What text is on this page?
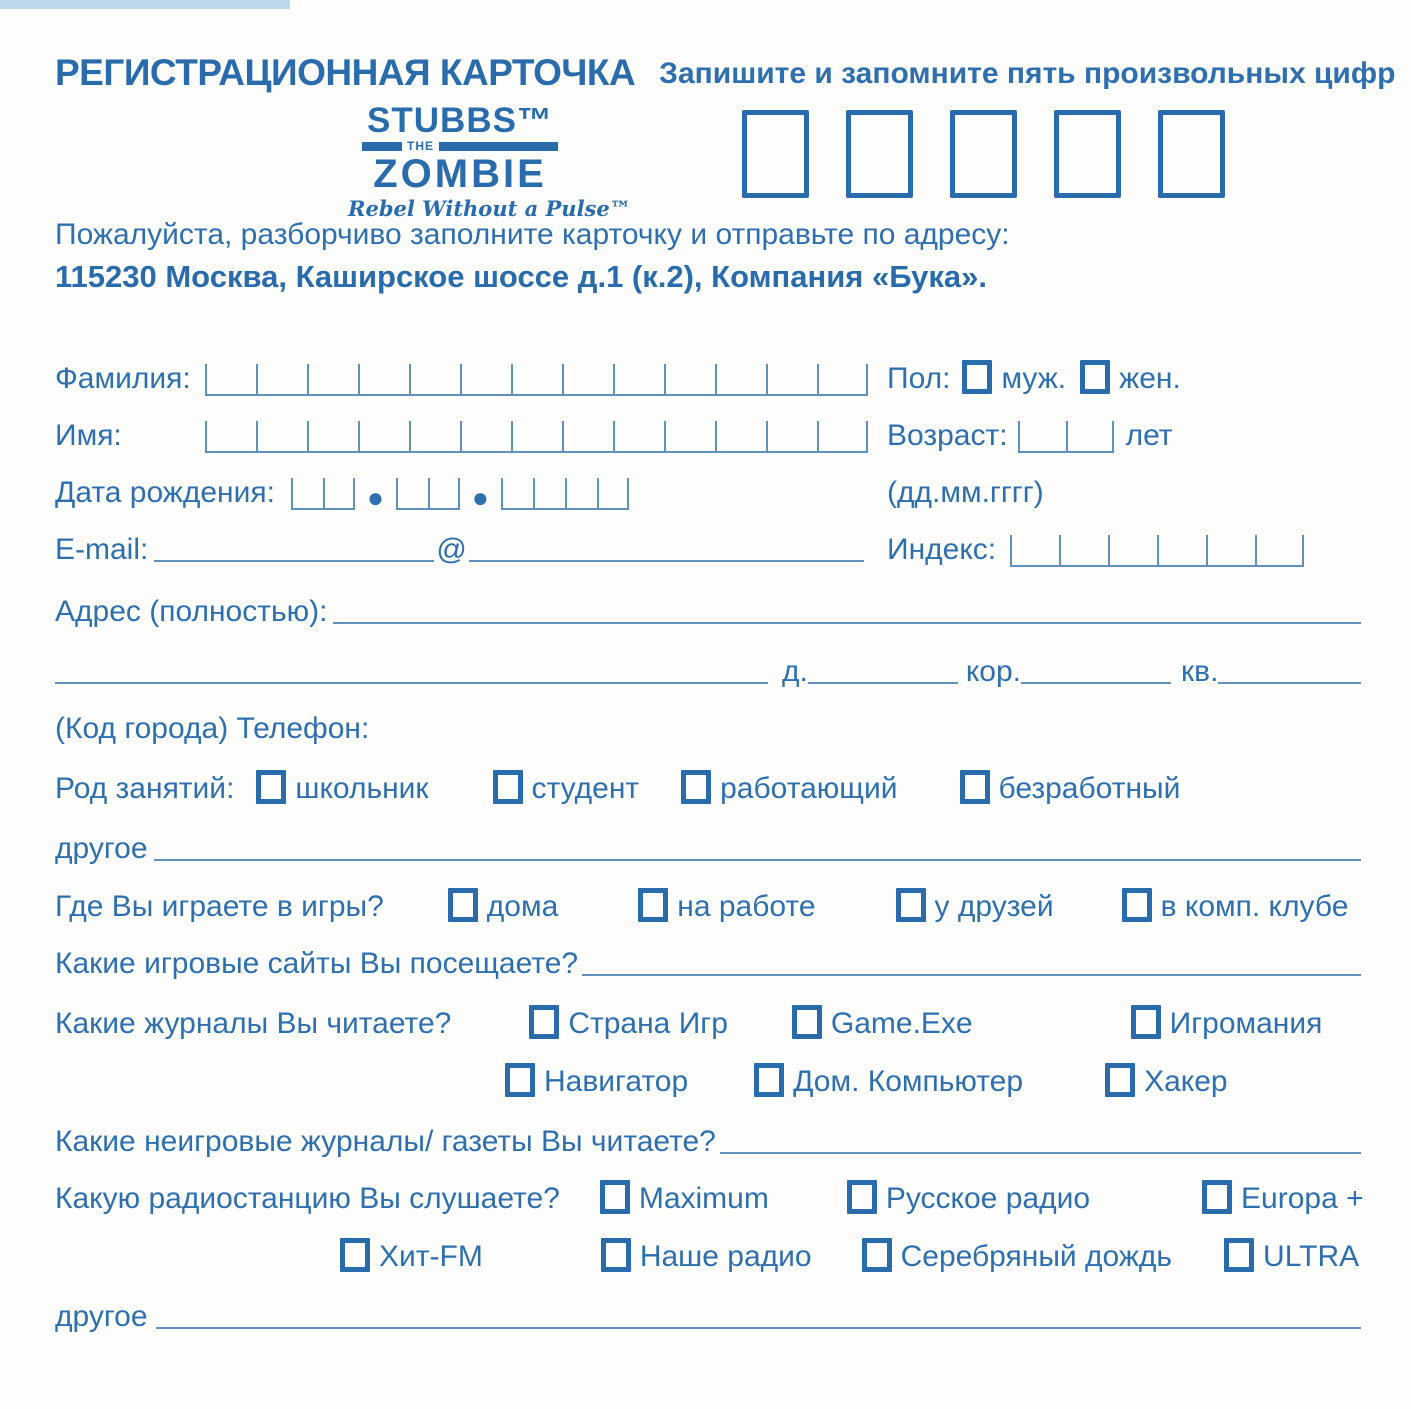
РЕГИСТРАЦИОННАЯ КАРТОЧКА Запишите и запомните пять произвольных цифр
STUBBS™
THE
ZOMBIE
Rebel Without a Pulse™
Пожалуйста, разборчиво заполните карточку и отправьте по адресу:
115230 Москва, Каширское шоссе д.1 (к.2), Компания «Бука».
Фамилия:	Пол: муж. жен.
Имя:	Возраст:	лет
Дата рождения:	●	●	(дд.мм.гггг)
E-mail:	@	Индекс:
Адрес (полностью):
д.	кор.	кв.
(Код города) Телефон:
Род занятий: школьник	студент	работающий	безработный
другое
Где Вы играете в игры?	дома	на работе	у друзей	в комп. клубе
Какие игровые сайты Вы посещаете?
Какие журналы Вы читаете?	Страна Игр	Game.Exe	Игромания
Навигатор	Дом. Компьютер	Хакер
Какие неигровые журналы/ газеты Вы читаете?
Какую радиостанцию Вы слушаете?	Maximum	Русское радио	Europa +
Хит-FM	Наше радио	Серебряный дождь	ULTRA
другое
